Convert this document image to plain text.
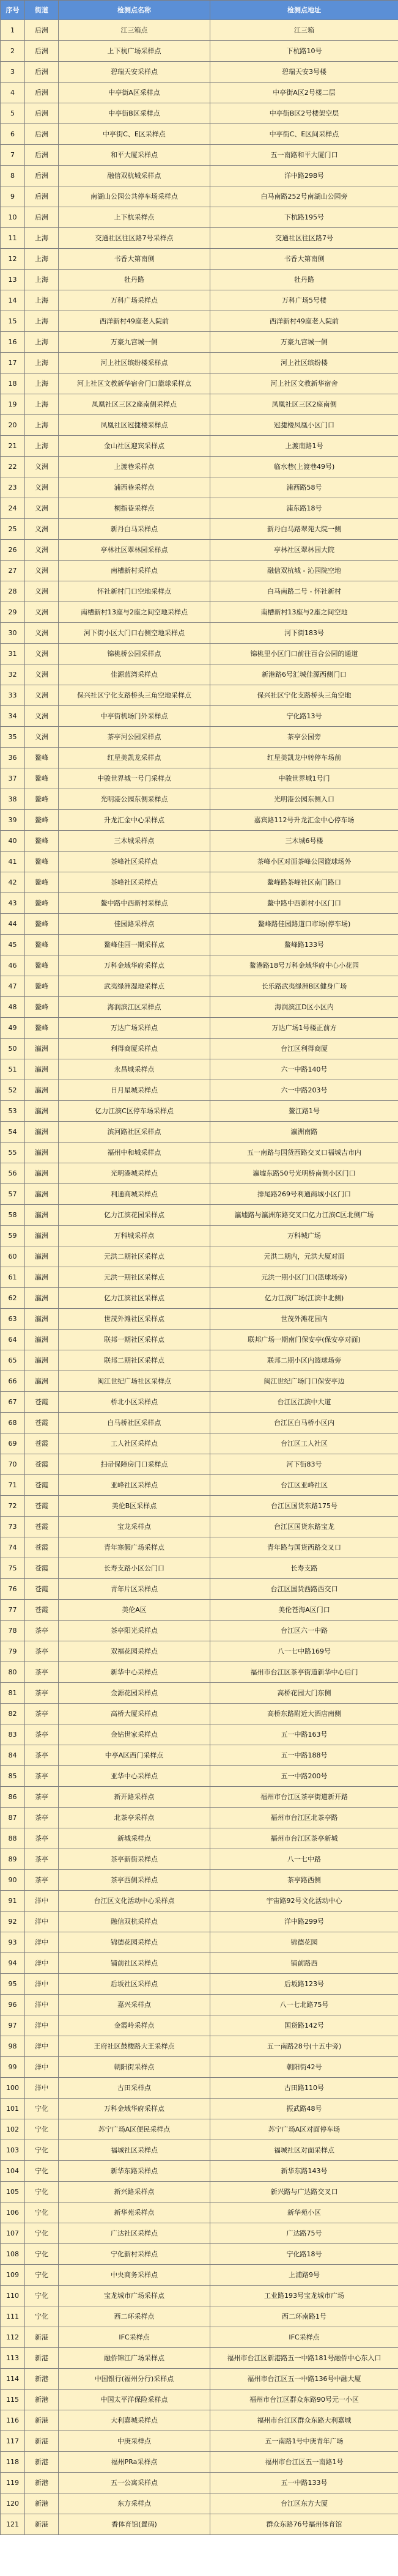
序号	街道	检测点名称	检测点地址
1	后洲	江三箱点	江三箱
2	后洲	上下杭广场采样点	下杭路10号
3	后洲	碧瑞天安采样点	碧瑞天安3号楼
4	后洲	中亭街A区采样点	中亭街A区2号楼二层
5	后洲	中亭街B区采样点	中亭街B区2号楼架空层
6	后洲	中亭街C、E区采样点	中亭街C、E区间采样点
7	后洲	和平大厦采样点	五一南路和平大厦门口
8	后洲	融信双杭城采样点	洋中路298号
9	后洲	南湖山公园公共停车场采样点	白马南路252号南湖山公园旁
10	后洲	上下杭采样点	下杭路195号
11	上海	交通社区往区路7号采样点	交通社区往区路7号
12	上海	书香大第南侧	书香大第南侧
13	上海	牡丹路	牡丹路
14	上海	万科广场采样点	万科广场5号楼
15	上海	西洋新村49座老人院前	西洋新村49座老人院前
16	上海	万豪九宫城一侧	万豪九宫城一侧
17	上海	河上社区缤纷楼采样点	河上社区缤纷楼
18	上海	河上社区文教新华宿舍门口篮球采样点	河上社区文教新华宿舍
19	上海	凤凰社区三区2座南侧采样点	凤凰社区三区2座南侧
20	上海	凤凰社区冠捷楼采样点	冠捷楼凤凰小区门口
21	上海	金山社区迎宾采样点	上渡南路1号
22	义洲	上渡巷采样点	临水巷(上渡巷49号)
23	义洲	浦西巷采样点	浦西路58号
24	义洲	桐指巷采样点	浦东路18号
25	义洲	新丹白马采样点	新丹白马路翠苑大院一侧
26	义洲	亭林社区翠林园采样点	亭林社区翠林园大院
27	义洲	南槽新村采样点	融信双杭城 - 沁园院空地
28	义洲	怀社新村门口空地采样点	白马南路二号 - 怀社新村
29	义洲	南槽新村13座与2座之间空地采样点	南槽新村13座与2座之间空地
30	义洲	河下街小区大门口右侧空地采样点	河下街183号
31	义洲	锦桃桥公园采样点	锦桃里小区门口前往百合公园的通道
32	义洲	佳源蓝湾采样点	新港路6号汇城佳源西侧门口
33	义洲	保兴社区宁化支路桥头三角空地采样点	保兴社区宁化支路桥头三角空地
34	义洲	中亭街机场门外采样点	宁化路13号
35	义洲	茶亭河公园采样点	茶亭公园旁
36	鳌峰	红星美凯龙采样点	红星美凯龙中转停车场前
37	鳌峰	中骏世界城一号门采样点	中骏世界城1号门
38	鳌峰	光明港公园东侧采样点	光明港公园东侧入口
39	鳌峰	升龙汇金中心采样点	嘉宾路112号升龙汇金中心停车场
40	鳌峰	三木城采样点	三木城6号楼
41	鳌峰	茶峰社区采样点	茶峰小区对面茶峰公园篮球场外
42	鳌峰	茶峰社区采样点	鳌峰路茶峰社区南门路口
43	鳌峰	鳌中路中西新村采样点	鳌中路中西新村小区门口
44	鳌峰	佳园路采样点	鳌峰路佳园路道口市场(停车场)
45	鳌峰	鳌峰佳园一期采样点	鳌峰路133号
46	鳌峰	万科金域华府采样点	鳌港路18号万科金域华府中心小花园
47	鳌峰	武夷绿洲湿地采样点	长乐路武夷绿洲B区健身广场
48	鳌峰	海润滨江区采样点	海润滨江D区小区内
49	鳌峰	万达广场采样点	万达广场1号楼正前方
50	瀛洲	利得商厦采样点	台江区利得商厦
51	瀛洲	永昌城采样点	六一中路140号
52	瀛洲	日月星城采样点	六一中路203号
53	瀛洲	亿力江滨C区停车场采样点	鳌江路1号
54	瀛洲	滨河路社区采样点	瀛洲南路
55	瀛洲	福州中和城采样点	五一南路与国货西路交叉口福城吉市内
56	瀛洲	光明港城采样点	瀛墟东路50号光明桥南侧小区门口
57	瀛洲	利通商城采样点	排尾路269号利通商城小区门口
58	瀛洲	亿力江滨花园采样点	瀛墟路与瀛洲东路交叉口亿力江滨C区北侧广场
59	瀛洲	万科城采样点	万科城广场
60	瀛洲	元洪二期社区采样点	元洪二期内，元洪大厦对面
61	瀛洲	元洪一期社区采样点	元洪一期小区门口(篮球场旁)
62	瀛洲	亿力江滨社区采样点	亿力江滨广场(江滨中北侧)
63	瀛洲	世茂外滩社区采样点	世茂外滩花园内
64	瀛洲	联邦一期社区采样点	联邦广场一期南门保安亭(保安亭对面)
65	瀛洲	联邦二期社区采样点	联邦二期小区内篮球场旁
66	瀛洲	闽江世纪广场社区采样点	闽江世纪广场门口保安亭边
67	苍霞	桥北小区采样点	台江区江滨中大道
68	苍霞	白马桥社区采样点	台江区白马桥小区内
69	苍霞	工人社区采样点	台江区工人社区
70	苍霞	扫帚保障房门口采样点	河下街83号
71	苍霞	亚峰社区采样点	台江区亚峰社区
72	苍霞	美伦B区采样点	台江区国货东路175号
73	苍霞	宝龙采样点	台江区国货东路宝龙
74	苍霞	青年寒假广场采样点	青年路与国货西路交叉口
75	苍霞	长寿支路小区公门口	长寿支路
76	苍霞	青年片区采样点	台江区国货西路西交口
77	苍霞	美伦A区	美伦苍海A区门口
78	茶亭	茶亭阳光采样点	台江区六一中路
79	茶亭	双福花园采样点	八一七中路169号
80	茶亭	新华中心采样点	福州市台江区茶亭街道新华中心后门
81	茶亭	金源花园采样点	高桥花园大门东侧
82	茶亭	高桥大厦采样点	高桥东路附近大酒店南侧
83	茶亭	金钻世家采样点	五一中路163号
84	茶亭	中亭A区西门采样点	五一中路188号
85	茶亭	亚华中心采样点	五一中路200号
86	茶亭	新开路采样点	福州市台江区茶亭街道新开路
87	茶亭	北茶亭采样点	福州市台江区北茶亭路
88	茶亭	新城采样点	福州市台江区茶亭新城
89	茶亭	茶亭新街采样点	八一七中路
90	茶亭	茶亭西侧采样点	茶亭路西侧
91	洋中	台江区文化活动中心采样点	宇宙路92号文化活动中心
92	洋中	融信双杭采样点	洋中路299号
93	洋中	锦德花园采样点	锦德花园
94	洋中	铺前社区采样点	铺前路西
95	洋中	后坂社区采样点	后坂路123号
96	洋中	嘉兴采样点	八一七北路75号
97	洋中	金霞岭采样点	国货路142号
98	洋中	王府社区鼓楼路大王采样点	五一南路28号(十五中旁)
99	洋中	朝阳街采样点	朝阳街42号
100	洋中	古田采样点	古田路110号
101	宁化	万科金域华府采样点	振武路48号
102	宁化	苏宁广场A区便民采样点	苏宁广场A区对面停车场
103	宁化	福城社区采样点	福城社区对面采样点
104	宁化	新华东路采样点	新华东路143号
105	宁化	新兴路采样点	新兴路与广达路交叉口
106	宁化	新华苑采样点	新华苑小区
107	宁化	广达社区采样点	广达路75号
108	宁化	宁化新村采样点	宁化路18号
109	宁化	中央商务采样点	上浦路9号
110	宁化	宝龙城市广场采样点	工业路193号宝龙城市广场
111	宁化	西二环采样点	西二环南路1号
112	新港	IFC采样点	IFC采样点
113	新港	融侨锦江广场采样点	福州市台江区新港路五一中路181号融侨中心东入口
114	新港	中国银行(福州分行)采样点	福州市台江区五一中路136号中融大厦
115	新港	中国太平洋保险采样点	福州市台江区群众东路90号元一小区
116	新港	大利嘉城采样点	福州市台江区群众东路大利嘉城
117	新港	中庚采样点	五一南路1号中庚青年广场
118	新港	福州PRa采样点	福州市台江区五一南路1号
119	新港	五一公寓采样点	五一中路133号
120	新港	东方采样点	台江区东方大厦
121	新港	香体育馆(置码)	群众东路76号福州体育馆
